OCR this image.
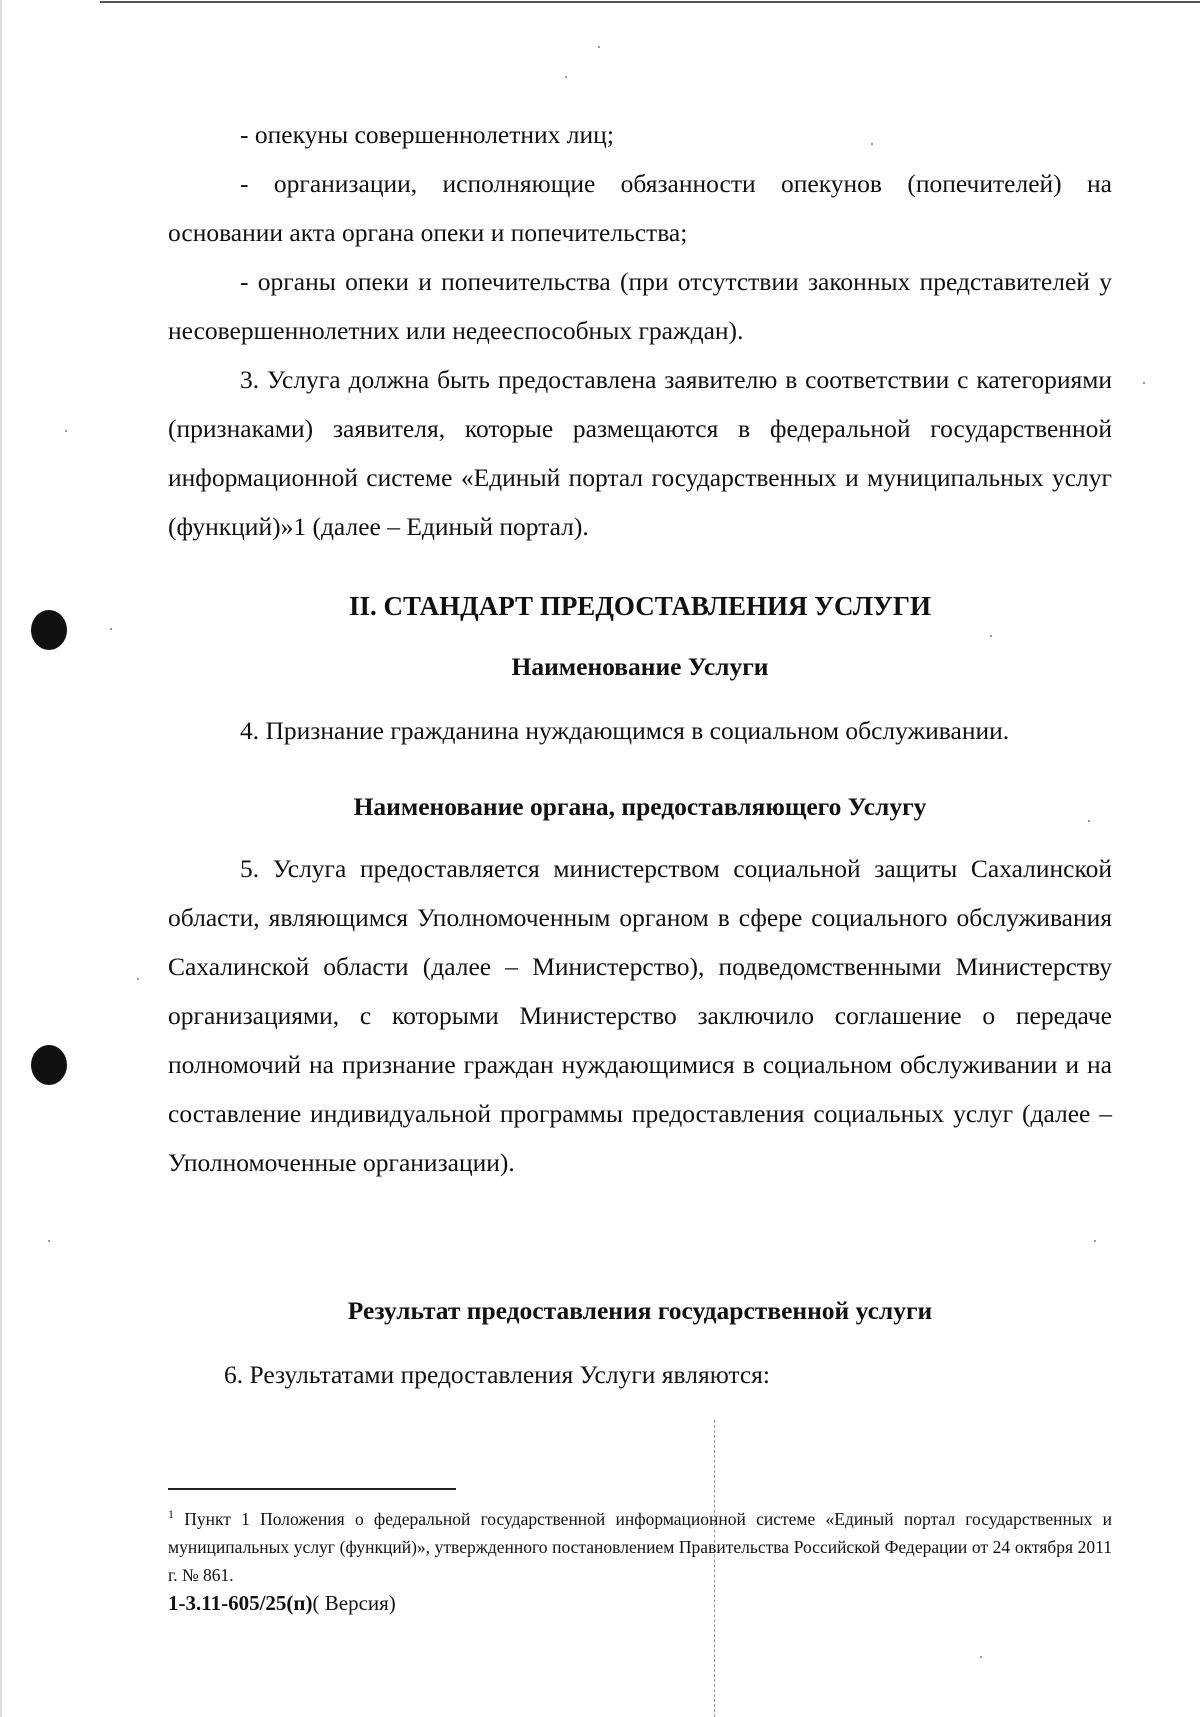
- опекуны совершеннолетних лиц;

- организации, исполняющие обязанности опекунов (попечителей) на основании акта органа опеки и попечительства;

- органы опеки и попечительства (при отсутствии законных представителей у несовершеннолетних или недееспособных граждан).

3. Услуга должна быть предоставлена заявителю в соответствии с категориями (признаками) заявителя, которые размещаются в федеральной государственной информационной системе «Единый портал государственных и муниципальных услуг (функций)»1 (далее – Единый портал).

II. СТАНДАРТ ПРЕДОСТАВЛЕНИЯ УСЛУГИ

Наименование Услуги

4. Признание гражданина нуждающимся в социальном обслуживании.

Наименование органа, предоставляющего Услугу

5. Услуга предоставляется министерством социальной защиты Сахалинской области, являющимся Уполномоченным органом в сфере социального обслуживания Сахалинской области (далее – Министерство), подведомственными Министерству организациями, с которыми Министерство заключило соглашение о передаче полномочий на признание граждан нуждающимися в социальном обслуживании и на составление индивидуальной программы предоставления социальных услуг (далее – Уполномоченные организации).

Результат предоставления государственной услуги

6. Результатами предоставления Услуги являются:

$^1$ Пункт 1 Положения о федеральной государственной информационной системе «Единый портал государственных и муниципальных услуг (функций)», утвержденного постановлением Правительства Российской Федерации от 24 октября 2011 г. № 861.

1-3.11-605/25(п)( Версия)
